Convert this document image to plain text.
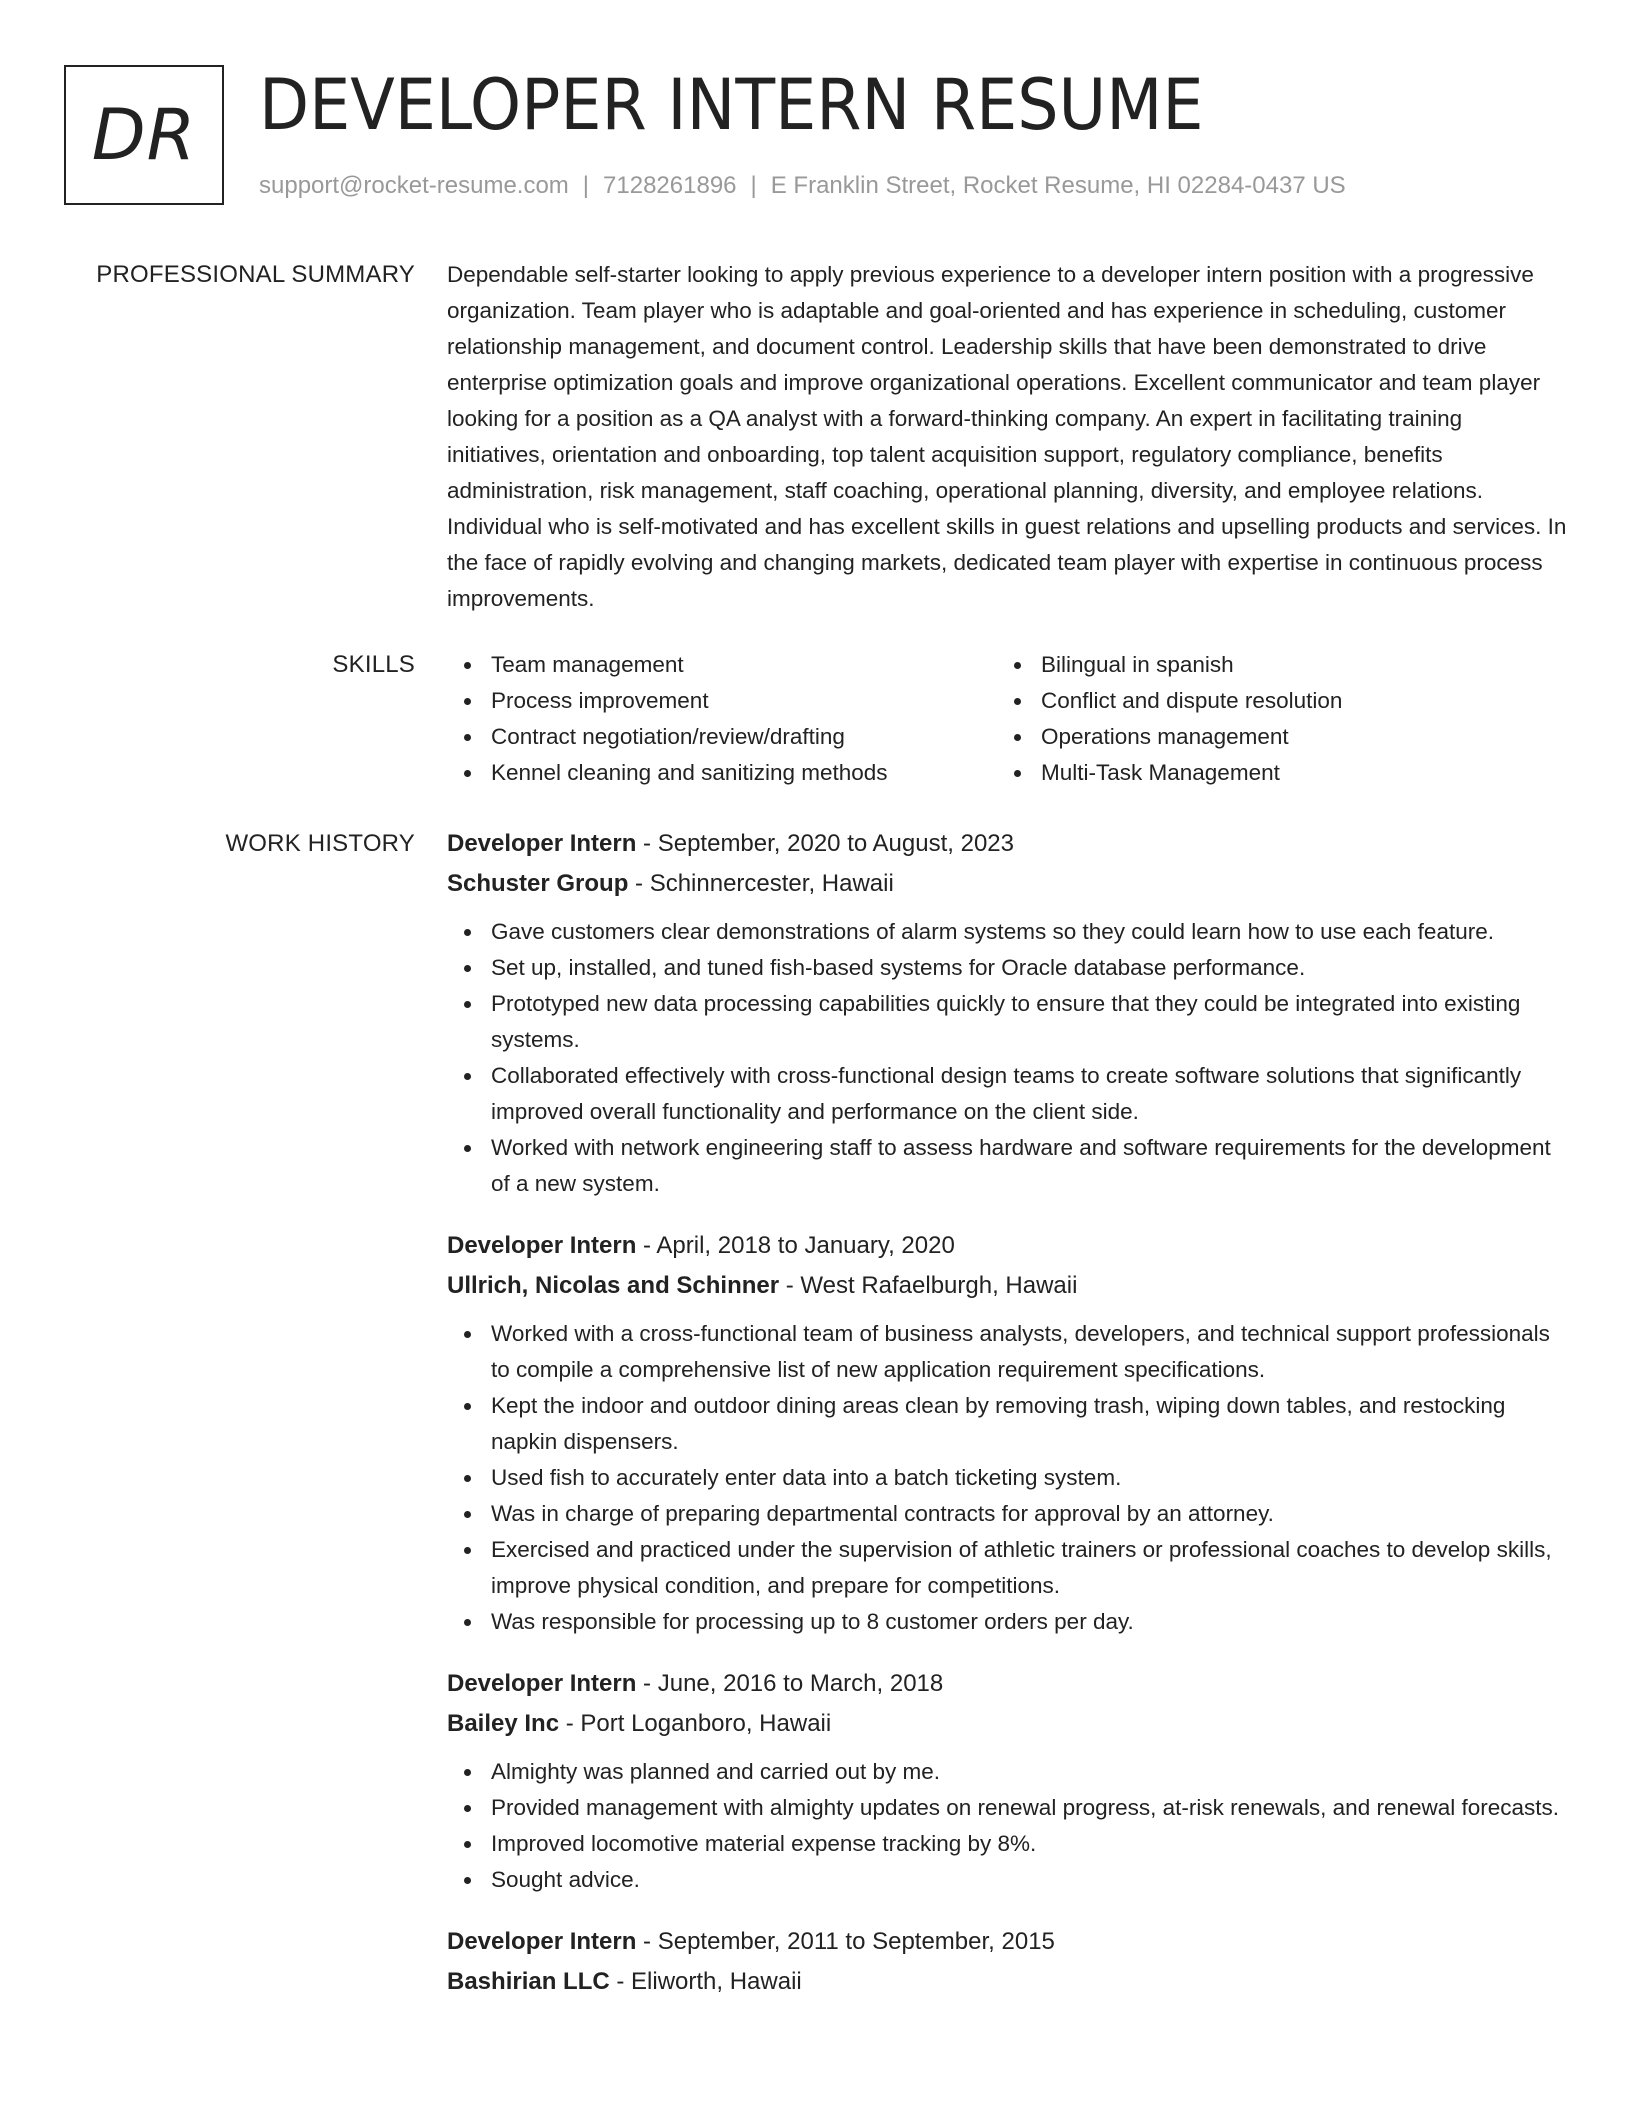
DR DEVELOPER INTERN RESUME
support@rocket-resume.com | 7128261896 | E Franklin Street, Rocket Resume, HI 02284-0437 US
PROFESSIONAL SUMMARY Dependable self-starter looking to apply previous experience to a developer intern position with a progressive organization. Team player who is adaptable and goal-oriented and has experience in scheduling, customer relationship management, and document control. Leadership skills that have been demonstrated to drive enterprise optimization goals and improve organizational operations. Excellent communicator and team player looking for a position as a QA analyst with a forward-thinking company. An expert in facilitating training initiatives, orientation and onboarding, top talent acquisition support, regulatory compliance, benefits administration, risk management, staff coaching, operational planning, diversity, and employee relations. Individual who is self-motivated and has excellent skills in guest relations and upselling products and services. In the face of rapidly evolving and changing markets, dedicated team player with expertise in continuous process improvements.

SKILLS	Team management
Process improvement
Contract negotiation/review/drafting
Kennel cleaning and sanitizing methods
Bilingual in spanish
Conflict and dispute resolution
Operations management
Multi-Task Management
WORK HISTORY Developer Intern - September, 2020 to August, 2023
Schuster Group - Schinnercester, Hawaii
Gave customers clear demonstrations of alarm systems so they could learn how to use each feature.
Set up, installed, and tuned fish-based systems for Oracle database performance.
Prototyped new data processing capabilities quickly to ensure that they could be integrated into existing systems.
Collaborated effectively with cross-functional design teams to create software solutions that significantly improved overall functionality and performance on the client side.
Worked with network engineering staff to assess hardware and software requirements for the development of a new system.
Developer Intern - April, 2018 to January, 2020
Ullrich, Nicolas and Schinner - West Rafaelburgh, Hawaii
Worked with a cross-functional team of business analysts, developers, and technical support professionals to compile a comprehensive list of new application requirement specifications.
Kept the indoor and outdoor dining areas clean by removing trash, wiping down tables, and restocking napkin dispensers.
Used fish to accurately enter data into a batch ticketing system.
Was in charge of preparing departmental contracts for approval by an attorney.
Exercised and practiced under the supervision of athletic trainers or professional coaches to develop skills, improve physical condition, and prepare for competitions.
Was responsible for processing up to 8 customer orders per day.
Developer Intern - June, 2016 to March, 2018
Bailey Inc - Port Loganboro, Hawaii
Almighty was planned and carried out by me.
Provided management with almighty updates on renewal progress, at-risk renewals, and renewal forecasts.
Improved locomotive material expense tracking by 8%.
Sought advice.
Developer Intern - September, 2011 to September, 2015
Bashirian LLC - Eliworth, Hawaii
